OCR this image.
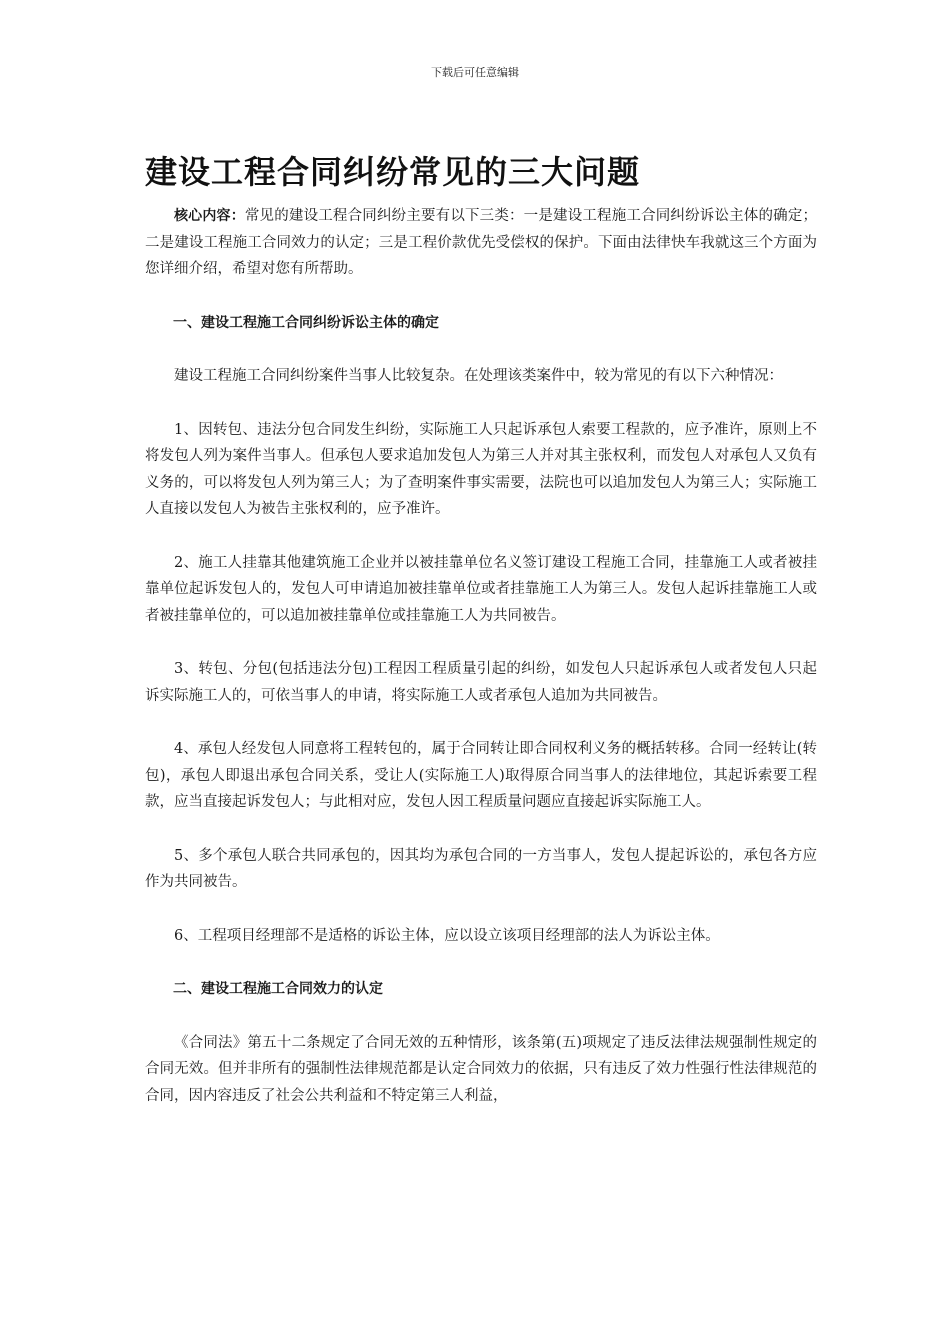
下载后可任意编辑
建设工程合同纠纷常见的三大问题

核心内容：常见的建设工程合同纠纷主要有以下三类：一是建设工程施工合同纠纷诉讼主体的确定；二是建设工程施工合同效力的认定；三是工程价款优先受偿权的保护。下面由法律快车我就这三个方面为您详细介绍，希望对您有所帮助。

一、建设工程施工合同纠纷诉讼主体的确定

建设工程施工合同纠纷案件当事人比较复杂。在处理该类案件中，较为常见的有以下六种情况：

1、因转包、违法分包合同发生纠纷，实际施工人只起诉承包人索要工程款的，应予准许，原则上不将发包人列为案件当事人。但承包人要求追加发包人为第三人并对其主张权利，而发包人对承包人又负有义务的，可以将发包人列为第三人；为了查明案件事实需要，法院也可以追加发包人为第三人；实际施工人直接以发包人为被告主张权利的，应予准许。

2、施工人挂靠其他建筑施工企业并以被挂靠单位名义签订建设工程施工合同，挂靠施工人或者被挂靠单位起诉发包人的，发包人可申请追加被挂靠单位或者挂靠施工人为第三人。发包人起诉挂靠施工人或者被挂靠单位的，可以追加被挂靠单位或挂靠施工人为共同被告。

3、转包、分包(包括违法分包)工程因工程质量引起的纠纷，如发包人只起诉承包人或者发包人只起诉实际施工人的，可依当事人的申请，将实际施工人或者承包人追加为共同被告。

4、承包人经发包人同意将工程转包的，属于合同转让即合同权利义务的概括转移。合同一经转让(转包)，承包人即退出承包合同关系，受让人(实际施工人)取得原合同当事人的法律地位，其起诉索要工程款，应当直接起诉发包人；与此相对应，发包人因工程质量问题应直接起诉实际施工人。

5、多个承包人联合共同承包的，因其均为承包合同的一方当事人，发包人提起诉讼的，承包各方应作为共同被告。

6、工程项目经理部不是适格的诉讼主体，应以设立该项目经理部的法人为诉讼主体。

二、建设工程施工合同效力的认定

《合同法》第五十二条规定了合同无效的五种情形，该条第(五)项规定了违反法律法规强制性规定的合同无效。但并非所有的强制性法律规范都是认定合同效力的依据，只有违反了效力性强行性法律规范的合同，因内容违反了社会公共利益和不特定第三人利益，
